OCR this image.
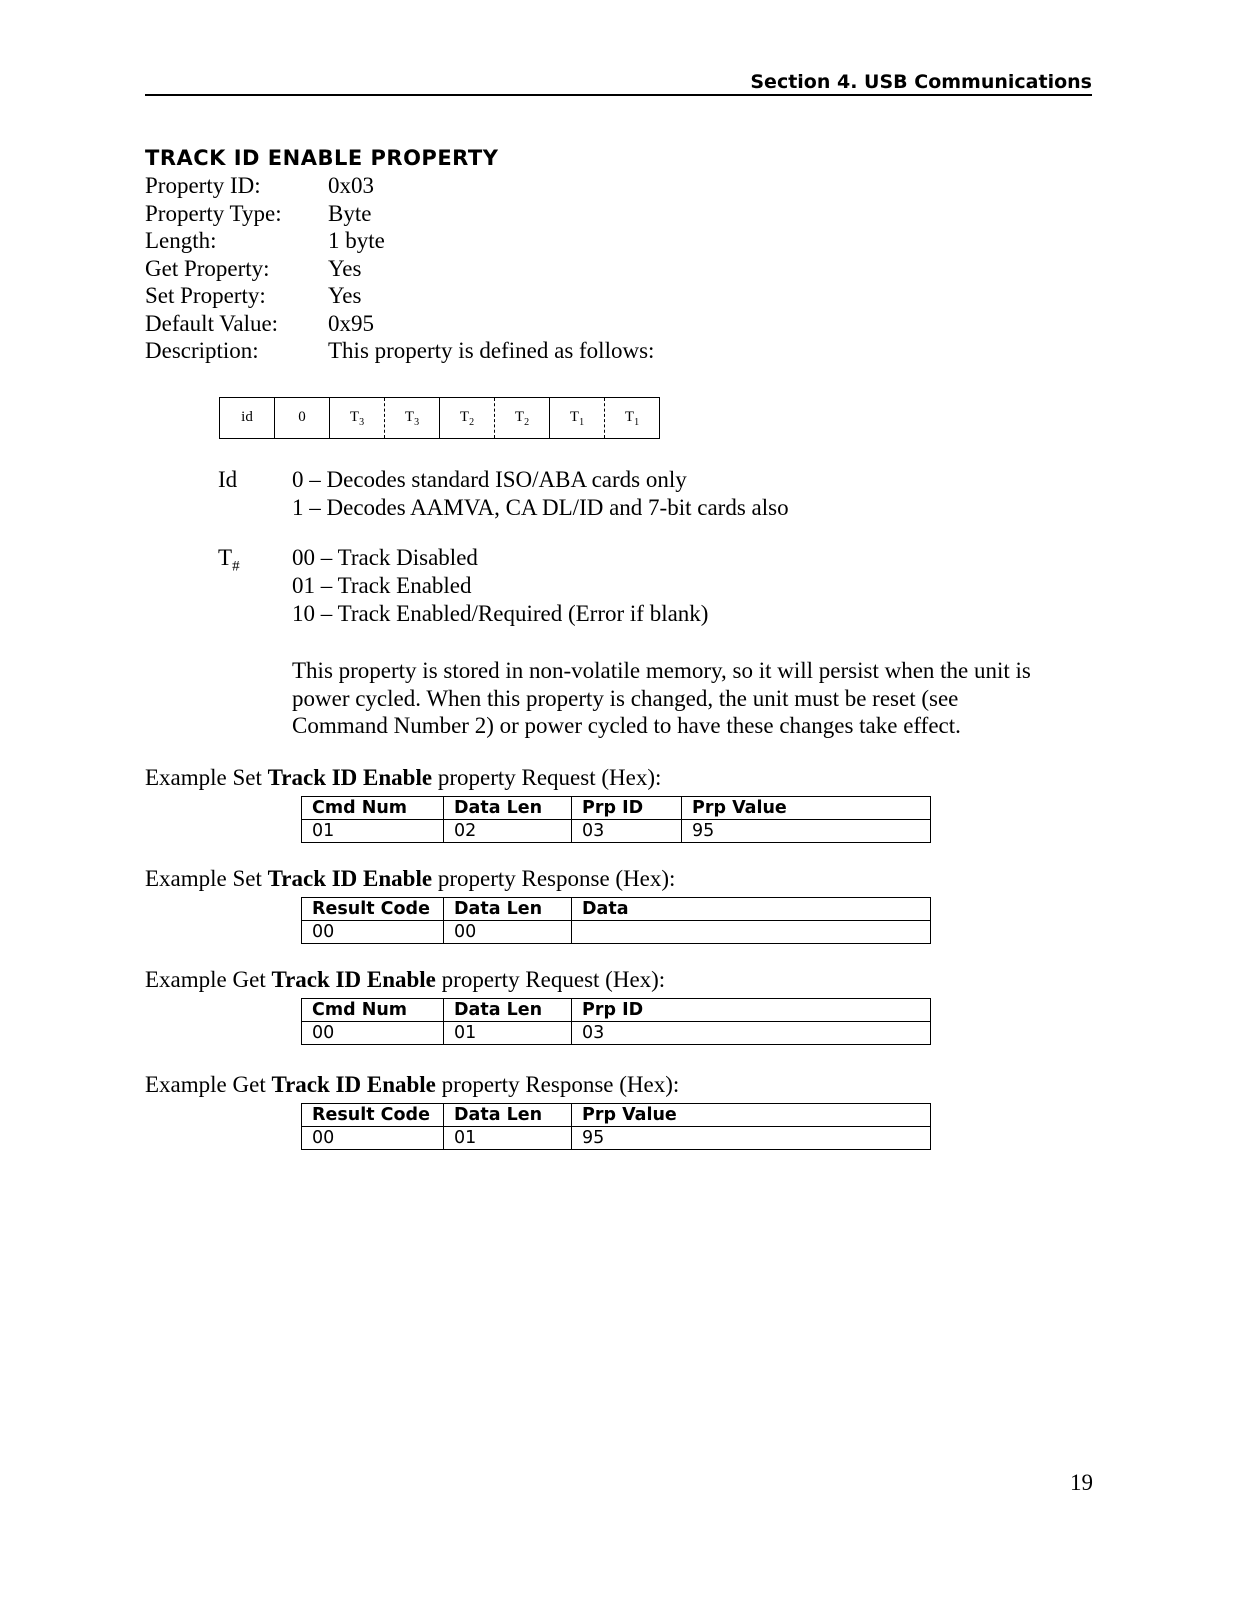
Section 4. USB Communications
TRACK ID ENABLE PROPERTY
Property ID:	0x03
Property Type: Byte
Length:	1 byte
Get Property:	Yes
Set Property:	Yes
Default Value: 0x95
Description:	This property is defined as follows:
id	0	$T_3$	$T_3$	$T_2$	$T_2$	$T_1$	$T_1$
Id 0 – Decodes standard ISO/ABA cards only
1 – Decodes AAMVA, CA DL/ID and 7-bit cards also
$T_{\#}$ 00 – Track Disabled
01 – Track Enabled
10 – Track Enabled/Required (Error if blank)
This property is stored in non-volatile memory, so it will persist when the unit is
power cycled. When this property is changed, the unit must be reset (see
Command Number 2) or power cycled to have these changes take effect.
Example Set Track ID Enable property Request (Hex):
Cmd Num	Data Len	Prp ID	Prp Value
01	02	03	95
Example Set Track ID Enable property Response (Hex):
Result Code	Data Len	Data
00	00	
Example Get Track ID Enable property Request (Hex):
Cmd Num	Data Len	Prp ID
00	01	03
Example Get Track ID Enable property Response (Hex):
Result Code	Data Len	Prp Value
00	01	95
19
